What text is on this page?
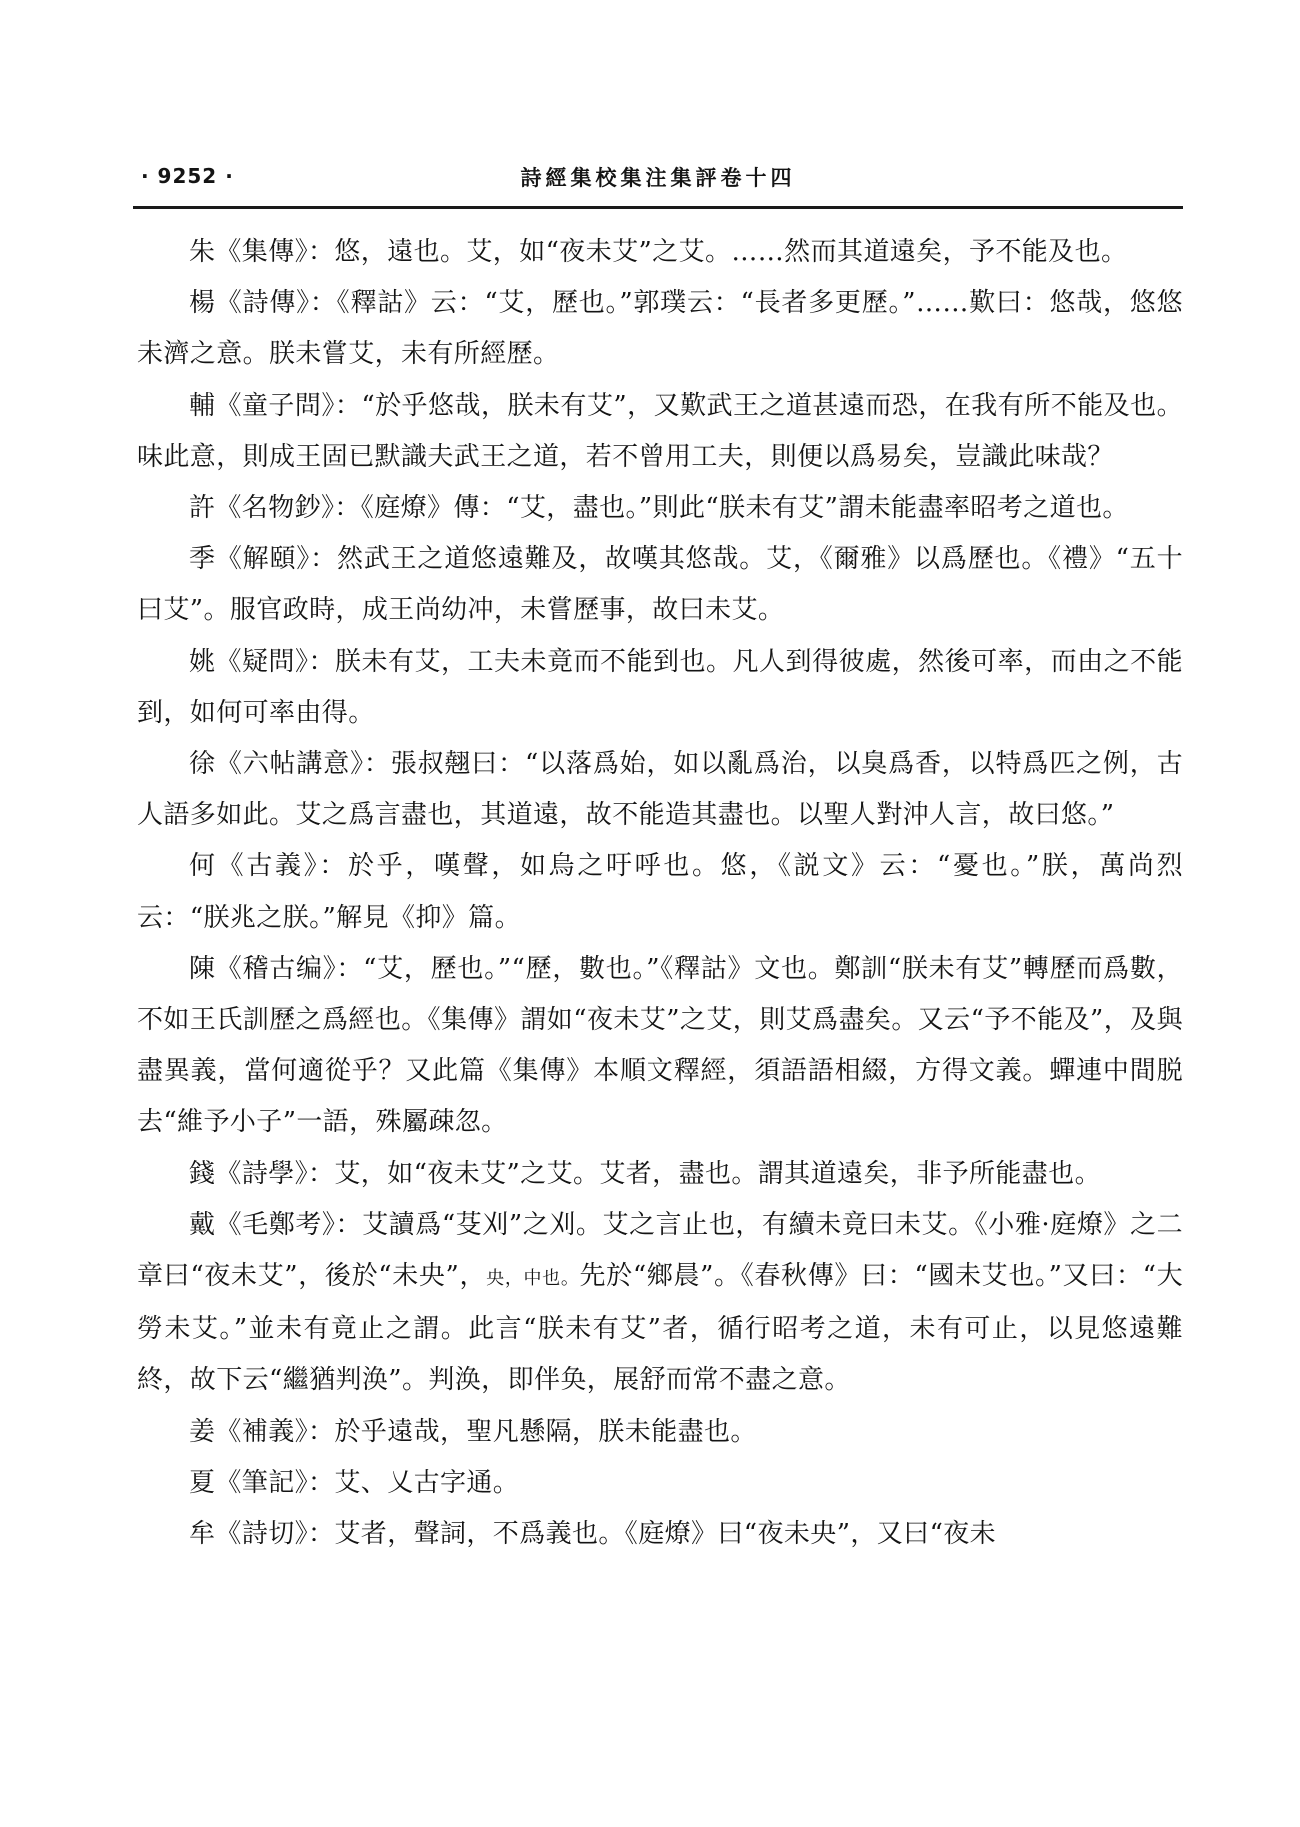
· 9252 ·	詩經集校集注集評卷十四

朱《集傳》：悠，遠也。艾，如“夜未艾”之艾。……然而其道遠矣，予不能及也。

楊《詩傳》：《釋詁》云：“艾，歷也。”郭璞云：“長者多更歷。”……歎曰：悠哉，悠悠未濟之意。朕未嘗艾，未有所經歷。

輔《童子問》：“於乎悠哉，朕未有艾”，又歎武王之道甚遠而恐，在我有所不能及也。味此意，則成王固已默識夫武王之道，若不曾用工夫，則便以爲易矣，豈識此味哉？

許《名物鈔》：《庭燎》傳：“艾，盡也。”則此“朕未有艾”謂未能盡率昭考之道也。

季《解頤》：然武王之道悠遠難及，故嘆其悠哉。艾，《爾雅》以爲歷也。《禮》“五十曰艾”。服官政時，成王尚幼冲，未嘗歷事，故曰未艾。

姚《疑問》：朕未有艾，工夫未竟而不能到也。凡人到得彼處，然後可率，而由之不能到，如何可率由得。

徐《六帖講意》：張叔翹曰：“以落爲始，如以亂爲治，以臭爲香，以特爲匹之例，古人語多如此。艾之爲言盡也，其道遠，故不能造其盡也。以聖人對沖人言，故曰悠。”

何《古義》：於乎，嘆聲，如烏之吁呼也。悠，《説文》云：“憂也。”朕，萬尚烈云：“朕兆之朕。”解見《抑》篇。

陳《稽古编》：“艾，歷也。”“歷，數也。”《釋詁》文也。鄭訓“朕未有艾”轉歷而爲數，不如王氏訓歷之爲經也。《集傳》謂如“夜未艾”之艾，則艾爲盡矣。又云“予不能及”，及與盡異義，當何適從乎？又此篇《集傳》本順文釋經，須語語相綴，方得文義。蟬連中間脱去“維予小子”一語，殊屬疎忽。

錢《詩學》：艾，如“夜未艾”之艾。艾者，盡也。謂其道遠矣，非予所能盡也。

戴《毛鄭考》：艾讀爲“芟刈”之刈。艾之言止也，有續未竟曰未艾。《小雅·庭燎》之二章曰“夜未艾”，後於“未央”，央，中也。先於“鄉晨”。《春秋傳》曰：“國未艾也。”又曰：“大勞未艾。”並未有竟止之謂。此言“朕未有艾”者，循行昭考之道，未有可止，以見悠遠難終，故下云“繼猶判涣”。判涣，即伴奂，展舒而常不盡之意。

姜《補義》：於乎遠哉，聖凡懸隔，朕未能盡也。

夏《筆記》：艾、乂古字通。

牟《詩切》：艾者，聲詞，不爲義也。《庭燎》曰“夜未央”，又曰“夜未
